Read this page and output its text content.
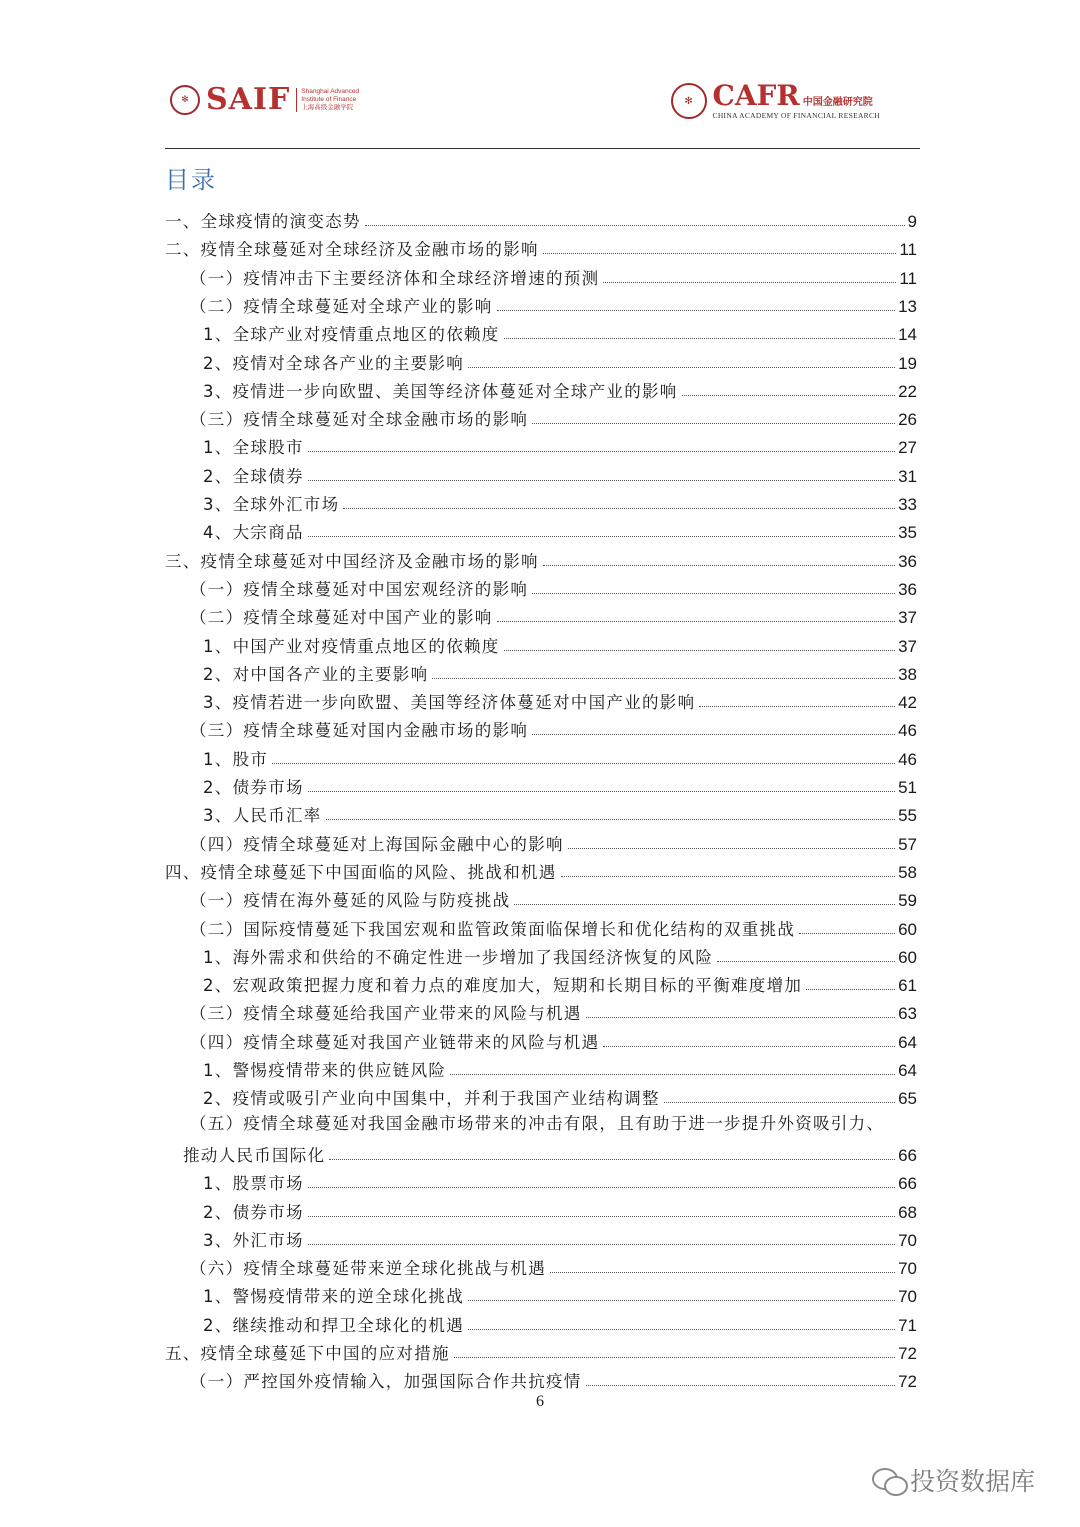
✻ SAIF Shanghai Advanced
Institute of Finance
上海高级金融学院
✻ CAFR 中国金融研究院
CHINA ACADEMY OF FINANCIAL RESEARCH
目录
一、全球疫情的演变态势	9
二、疫情全球蔓延对全球经济及金融市场的影响	11
（一）疫情冲击下主要经济体和全球经济增速的预测	11
（二）疫情全球蔓延对全球产业的影响	13
1、全球产业对疫情重点地区的依赖度	14
2、疫情对全球各产业的主要影响	19
3、疫情进一步向欧盟、美国等经济体蔓延对全球产业的影响	22
（三）疫情全球蔓延对全球金融市场的影响	26
1、全球股市	27
2、全球债券	31
3、全球外汇市场	33
4、大宗商品	35
三、疫情全球蔓延对中国经济及金融市场的影响	36
（一）疫情全球蔓延对中国宏观经济的影响	36
（二）疫情全球蔓延对中国产业的影响	37
1、中国产业对疫情重点地区的依赖度	37
2、对中国各产业的主要影响	38
3、疫情若进一步向欧盟、美国等经济体蔓延对中国产业的影响	42
（三）疫情全球蔓延对国内金融市场的影响	46
1、股市	46
2、债券市场	51
3、人民币汇率	55
（四）疫情全球蔓延对上海国际金融中心的影响	57
四、疫情全球蔓延下中国面临的风险、挑战和机遇	58
（一）疫情在海外蔓延的风险与防疫挑战	59
（二）国际疫情蔓延下我国宏观和监管政策面临保增长和优化结构的双重挑战	60
1、海外需求和供给的不确定性进一步增加了我国经济恢复的风险	60
2、宏观政策把握力度和着力点的难度加大，短期和长期目标的平衡难度增加	61
（三）疫情全球蔓延给我国产业带来的风险与机遇	63
（四）疫情全球蔓延对我国产业链带来的风险与机遇	64
1、警惕疫情带来的供应链风险	64
2、疫情或吸引产业向中国集中，并利于我国产业结构调整	65
（五）疫情全球蔓延对我国金融市场带来的冲击有限，且有助于进一步提升外资吸引力、
推动人民币国际化	66
1、股票市场	66
2、债券市场	68
3、外汇市场	70
（六）疫情全球蔓延带来逆全球化挑战与机遇	70
1、警惕疫情带来的逆全球化挑战	70
2、继续推动和捍卫全球化的机遇	71
五、疫情全球蔓延下中国的应对措施	72
（一）严控国外疫情输入，加强国际合作共抗疫情	72
6
投资数据库
